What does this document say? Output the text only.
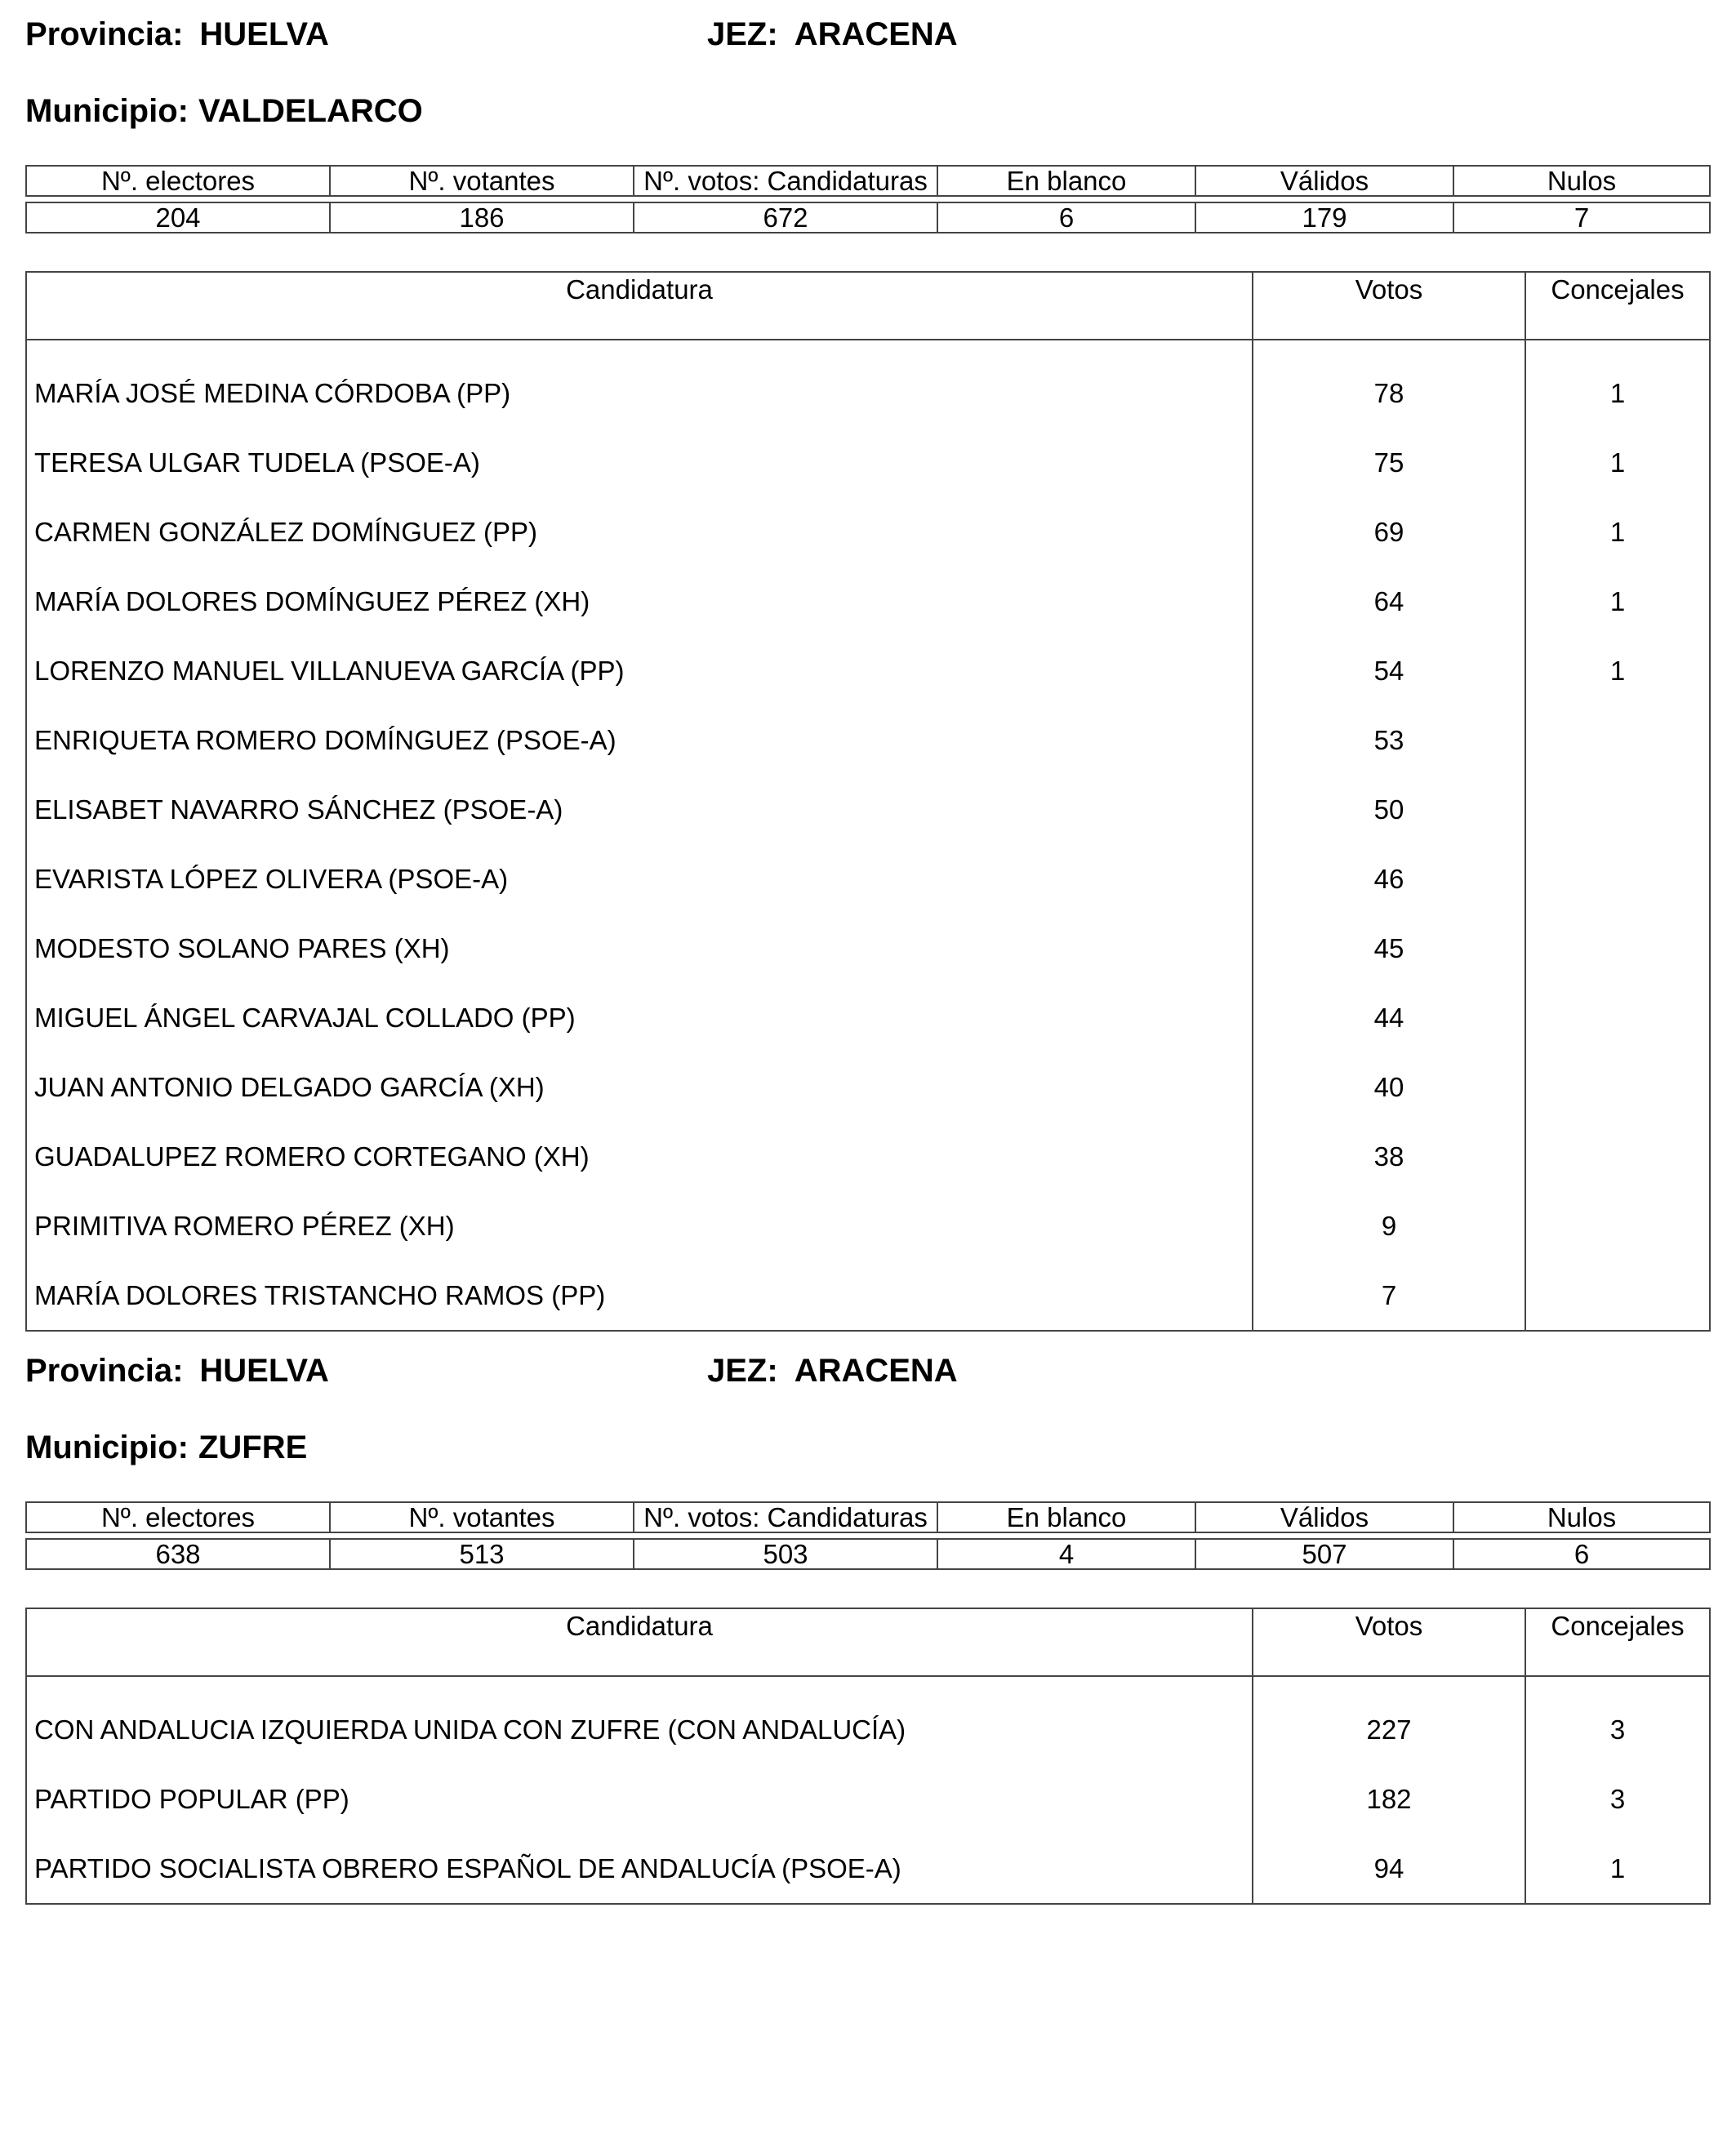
Provincia: HUELVA	JEZ: ARACENA
Municipio: VALDELARCO
Nº. electores	Nº. votantes	Nº. votos: Candidaturas	En blanco	Válidos	Nulos

204	186	672	6	179	7
Candidatura	Votos	Concejales

MARÍA JOSÉ MEDINA CÓRDOBA (PP)	78	1
TERESA ULGAR TUDELA (PSOE-A)	75	1
CARMEN GONZÁLEZ DOMÍNGUEZ (PP)	69	1
MARÍA DOLORES DOMÍNGUEZ PÉREZ (XH)	64	1
LORENZO MANUEL VILLANUEVA GARCÍA (PP)	54	1
ENRIQUETA ROMERO DOMÍNGUEZ (PSOE-A)	53	
ELISABET NAVARRO SÁNCHEZ (PSOE-A)	50	
EVARISTA LÓPEZ OLIVERA (PSOE-A)	46	
MODESTO SOLANO PARES (XH)	45	
MIGUEL ÁNGEL CARVAJAL COLLADO (PP)	44	
JUAN ANTONIO DELGADO GARCÍA (XH)	40	
GUADALUPEZ ROMERO CORTEGANO (XH)	38	
PRIMITIVA ROMERO PÉREZ (XH)	9	
MARÍA DOLORES TRISTANCHO RAMOS (PP)	7	
Provincia: HUELVA	JEZ: ARACENA
Municipio: ZUFRE
Nº. electores	Nº. votantes	Nº. votos: Candidaturas	En blanco	Válidos	Nulos

638	513	503	4	507	6
Candidatura	Votos	Concejales

CON ANDALUCIA IZQUIERDA UNIDA CON ZUFRE (CON ANDALUCÍA)	227	3
PARTIDO POPULAR (PP)	182	3
PARTIDO SOCIALISTA OBRERO ESPAÑOL DE ANDALUCÍA (PSOE-A)	94	1
